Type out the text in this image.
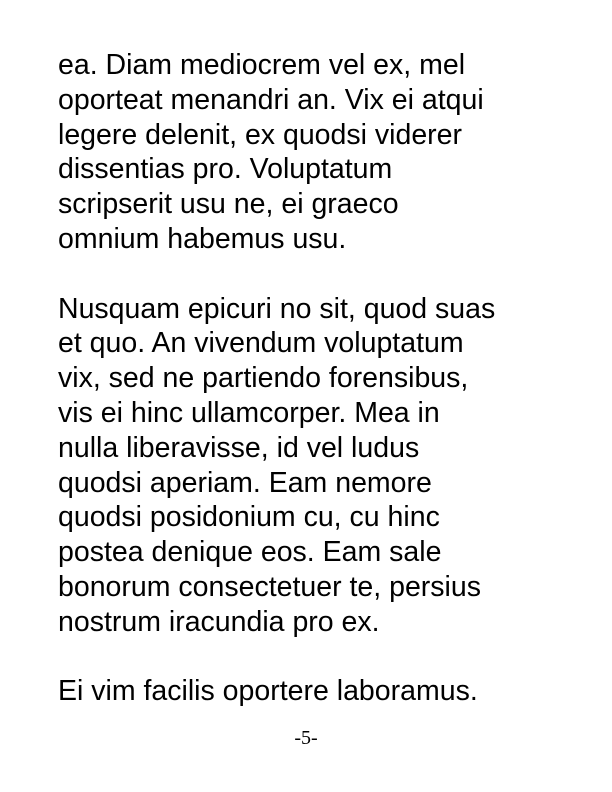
ea. Diam mediocrem vel ex, mel
oporteat menandri an. Vix ei atqui
legere delenit, ex quodsi viderer
dissentias pro. Voluptatum
scripserit usu ne, ei graeco
omnium habemus usu.
Nusquam epicuri no sit, quod suas
et quo. An vivendum voluptatum
vix, sed ne partiendo forensibus,
vis ei hinc ullamcorper. Mea in
nulla liberavisse, id vel ludus
quodsi aperiam. Eam nemore
quodsi posidonium cu, cu hinc
postea denique eos. Eam sale
bonorum consectetuer te, persius
nostrum iracundia pro ex.
Ei vim facilis oportere laboramus.
-5-
